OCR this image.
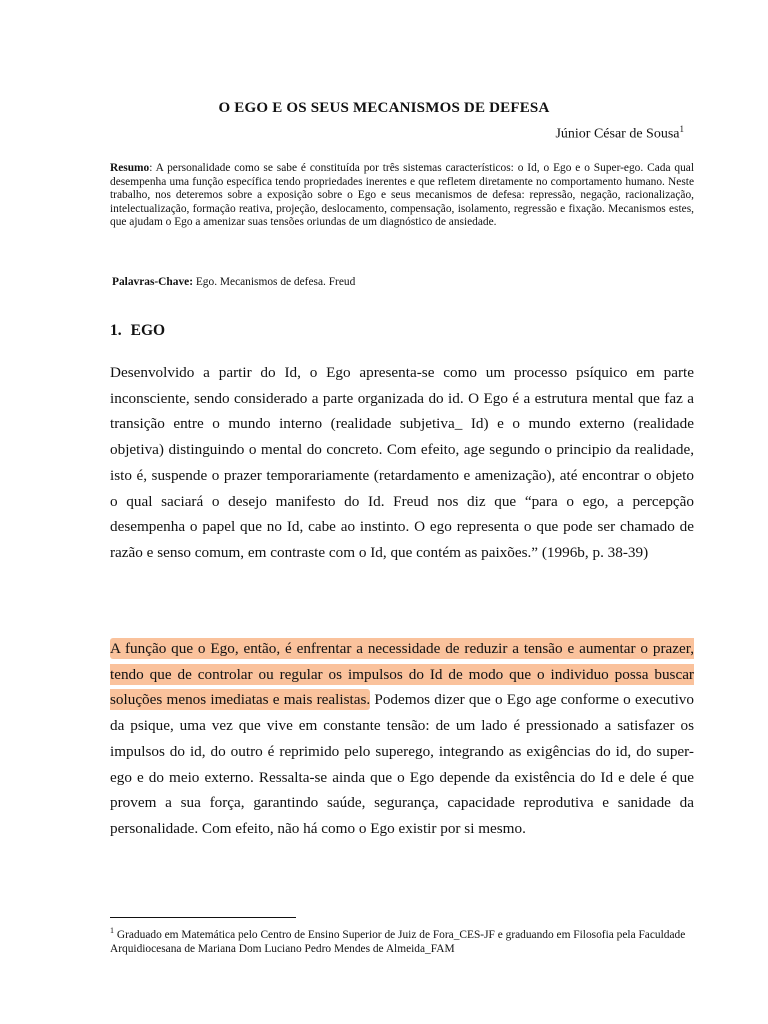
O EGO E OS SEUS MECANISMOS DE DEFESA
Júnior César de Sousa$^1$
Resumo: A personalidade como se sabe é constituída por três sistemas característicos: o Id, o Ego e o Super-ego. Cada qual desempenha uma função específica tendo propriedades inerentes e que refletem diretamente no comportamento humano. Neste trabalho, nos deteremos sobre a exposição sobre o Ego e seus mecanismos de defesa: repressão, negação, racionalização, intelectualização, formação reativa, projeção, deslocamento, compensação, isolamento, regressão e fixação. Mecanismos estes, que ajudam o Ego a amenizar suas tensões oriundas de um diagnóstico de ansiedade.
Palavras-Chave: Ego. Mecanismos de defesa. Freud
1. EGO
Desenvolvido a partir do Id, o Ego apresenta-se como um processo psíquico em parte inconsciente, sendo considerado a parte organizada do id. O Ego é a estrutura mental que faz a transição entre o mundo interno (realidade subjetiva_ Id) e o mundo externo (realidade objetiva) distinguindo o mental do concreto. Com efeito, age segundo o principio da realidade, isto é, suspende o prazer temporariamente (retardamento e amenização), até encontrar o objeto o qual saciará o desejo manifesto do Id. Freud nos diz que “para o ego, a percepção desempenha o papel que no Id, cabe ao instinto. O ego representa o que pode ser chamado de razão e senso comum, em contraste com o Id, que contém as paixões.” (1996b, p. 38-39)
A função que o Ego, então, é enfrentar a necessidade de reduzir a tensão e aumentar o prazer, tendo que de controlar ou regular os impulsos do Id de modo que o individuo possa buscar soluções menos imediatas e mais realistas. Podemos dizer que o Ego age conforme o executivo da psique, uma vez que vive em constante tensão: de um lado é pressionado a satisfazer os impulsos do id, do outro é reprimido pelo superego, integrando as exigências do id, do super-ego e do meio externo. Ressalta-se ainda que o Ego depende da existência do Id e dele é que provem a sua força, garantindo saúde, segurança, capacidade reprodutiva e sanidade da personalidade. Com efeito, não há como o Ego existir por si mesmo.
$^1$ Graduado em Matemática pelo Centro de Ensino Superior de Juiz de Fora_CES-JF e graduando em Filosofia pela Faculdade Arquidiocesana de Mariana Dom Luciano Pedro Mendes de Almeida_FAM
